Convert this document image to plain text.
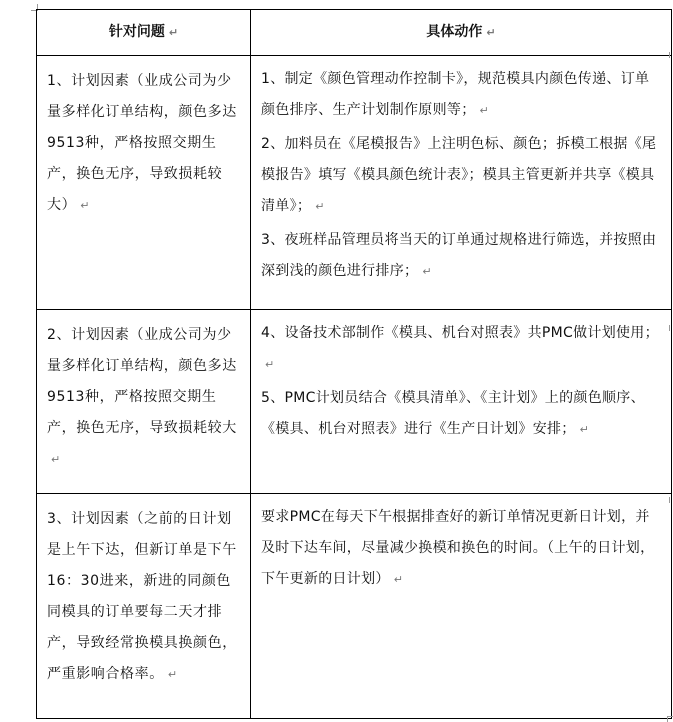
针对问题 ↵	具体动作 ↵

1、计划因素（业成公司为少量多样化订单结构，颜色多达9513种，严格按照交期生产，换色无序，导致损耗较大） ↵	1、制定《颜色管理动作控制卡》，规范模具内颜色传递、订单颜色排序、生产计划制作原则等； ↵

2、加料员在《尾模报告》上注明色标、颜色；拆模工根据《尾模报告》填写《模具颜色统计表》；模具主管更新并共享《模具清单》； ↵

3、夜班样品管理员将当天的订单通过规格进行筛选，并按照由深到浅的颜色进行排序； ↵

2、计划因素（业成公司为少量多样化订单结构，颜色多达9513种，严格按照交期生产，换色无序，导致损耗较大↵	4、设备技术部制作《模具、机台对照表》共PMC做计划使用；↵

5、PMC计划员结合《模具清单》、《主计划》上的颜色顺序、《模具、机台对照表》进行《生产日计划》安排； ↵

3、计划因素（之前的日计划是上午下达，但新订单是下午16：30进来，新进的同颜色同模具的订单要每二天才排产，导致经常换模具换颜色，严重影响合格率。 ↵	要求PMC在每天下午根据排查好的新订单情况更新日计划，并及时下达车间，尽量减少换模和换色的时间。（上午的日计划，下午更新的日计划） ↵
